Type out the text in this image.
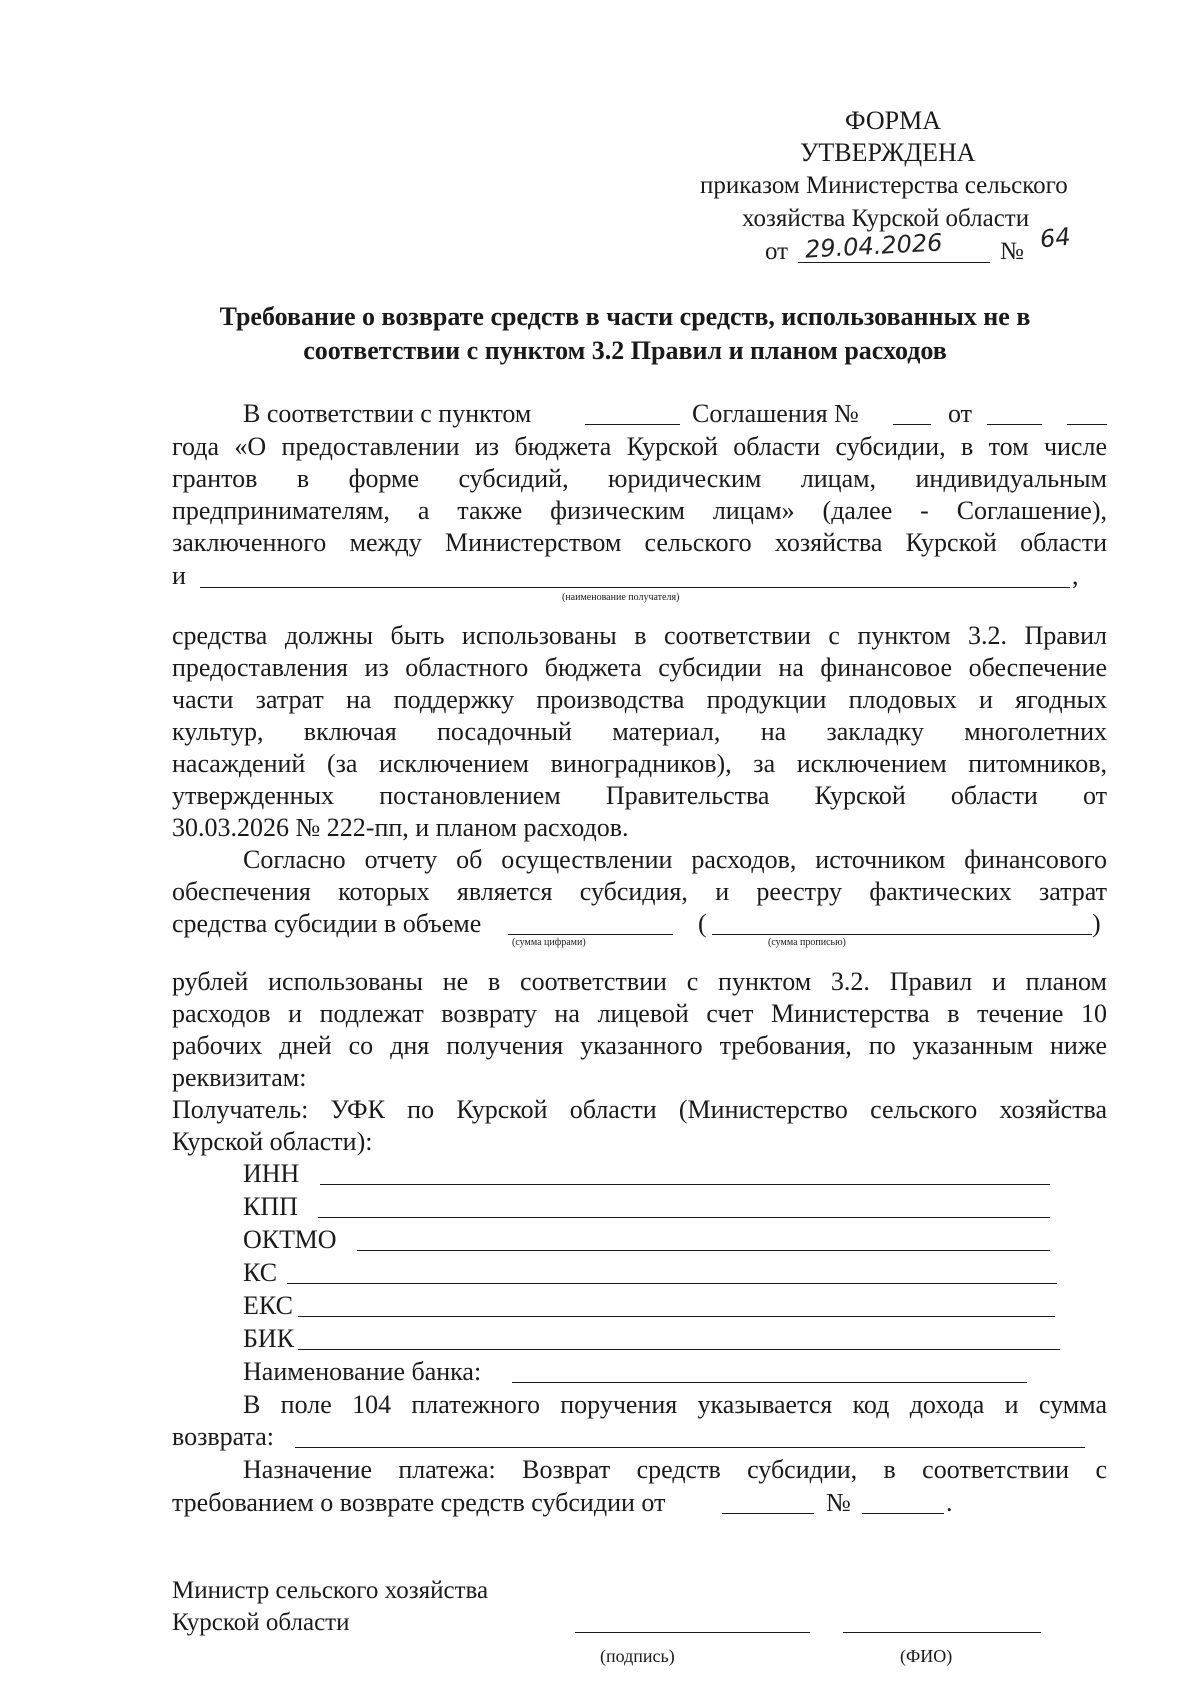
ФОРМА
УТВЕРЖДЕНА
приказом Министерства сельского
хозяйства Курской области
от 29.04.2026 № 64
Требование о возврате средств в части средств, использованных не в
соответствии с пунктом 3.2 Правил и планом расходов
В соответствии с пунктом	Соглашения №	от
года «О предоставлении из бюджета Курской области субсидии, в том числе
грантов в форме субсидий, юридическим лицам, индивидуальным
предпринимателям, а также физическим лицам» (далее - Соглашение),
заключенного между Министерством сельского хозяйства Курской области
и	,
(наименование получателя)
средства должны быть использованы в соответствии с пунктом 3.2. Правил
предоставления из областного бюджета субсидии на финансовое обеспечение
части затрат на поддержку производства продукции плодовых и ягодных
культур, включая посадочный материал, на закладку многолетних
насаждений (за исключением виноградников), за исключением питомников,
утвержденных постановлением Правительства Курской области от
30.03.2026 № 222-пп, и планом расходов.
Согласно отчету об осуществлении расходов, источником финансового
обеспечения которых является субсидия, и реестру фактических затрат
средства субсидии в объеме	(	)
(сумма цифрами)	(сумма прописью)
рублей использованы не в соответствии с пунктом 3.2. Правил и планом
расходов и подлежат возврату на лицевой счет Министерства в течение 10
рабочих дней со дня получения указанного требования, по указанным ниже
реквизитам:
Получатель: УФК по Курской области (Министерство сельского хозяйства
Курской области):
ИНН
КПП
ОКТМО
КС
ЕКС
БИК
Наименование банка:
В поле 104 платежного поручения указывается код дохода и сумма
возврата:
Назначение платежа: Возврат средств субсидии, в соответствии с
требованием о возврате средств субсидии от	№	.
Министр сельского хозяйства
Курской области
(подпись)	(ФИО)
